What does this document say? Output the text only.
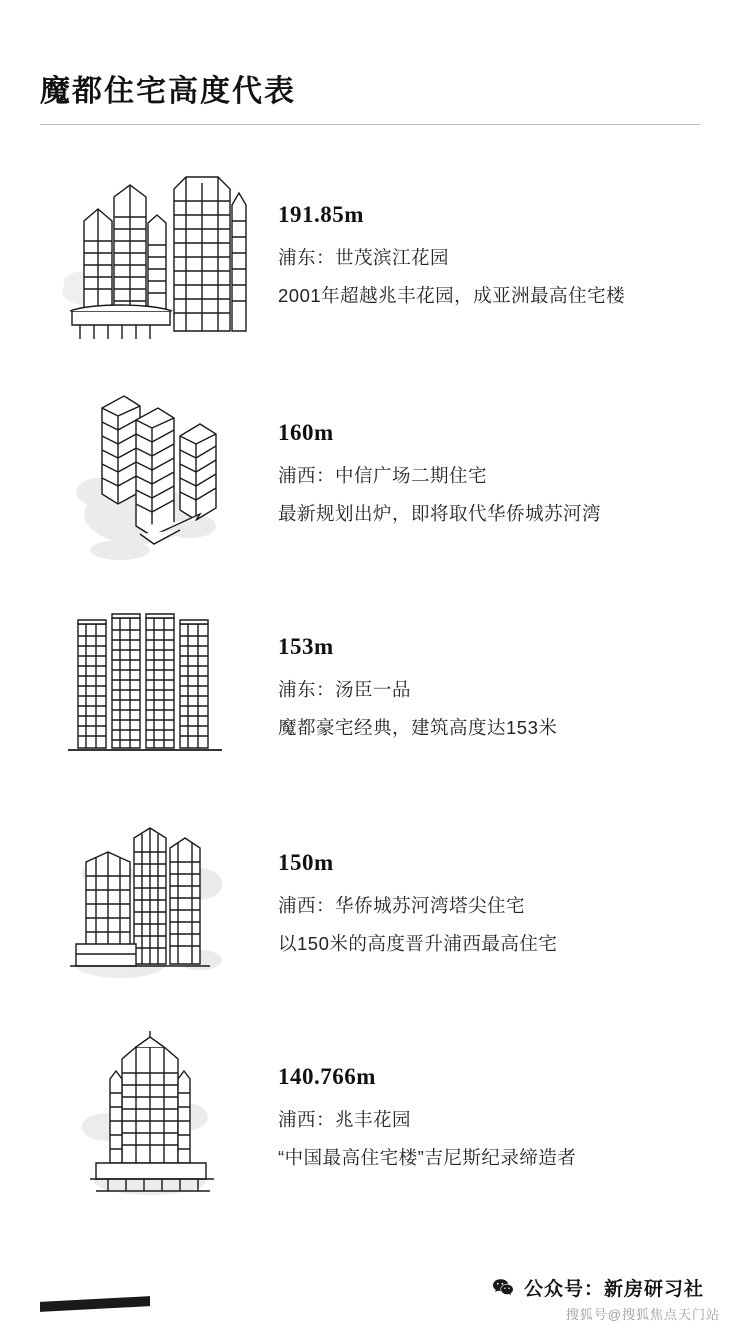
魔都住宅高度代表
191.85m
浦东：世茂滨江花园
2001年超越兆丰花园，成亚洲最高住宅楼
160m
浦西：中信广场二期住宅
最新规划出炉，即将取代华侨城苏河湾
153m
浦东：汤臣一品
魔都豪宅经典，建筑高度达153米
150m
浦西：华侨城苏河湾塔尖住宅
以150米的高度晋升浦西最高住宅
140.766m
浦西：兆丰花园
“中国最高住宅楼”吉尼斯纪录缔造者
公众号：新房研习社
搜狐号@搜狐焦点天门站
